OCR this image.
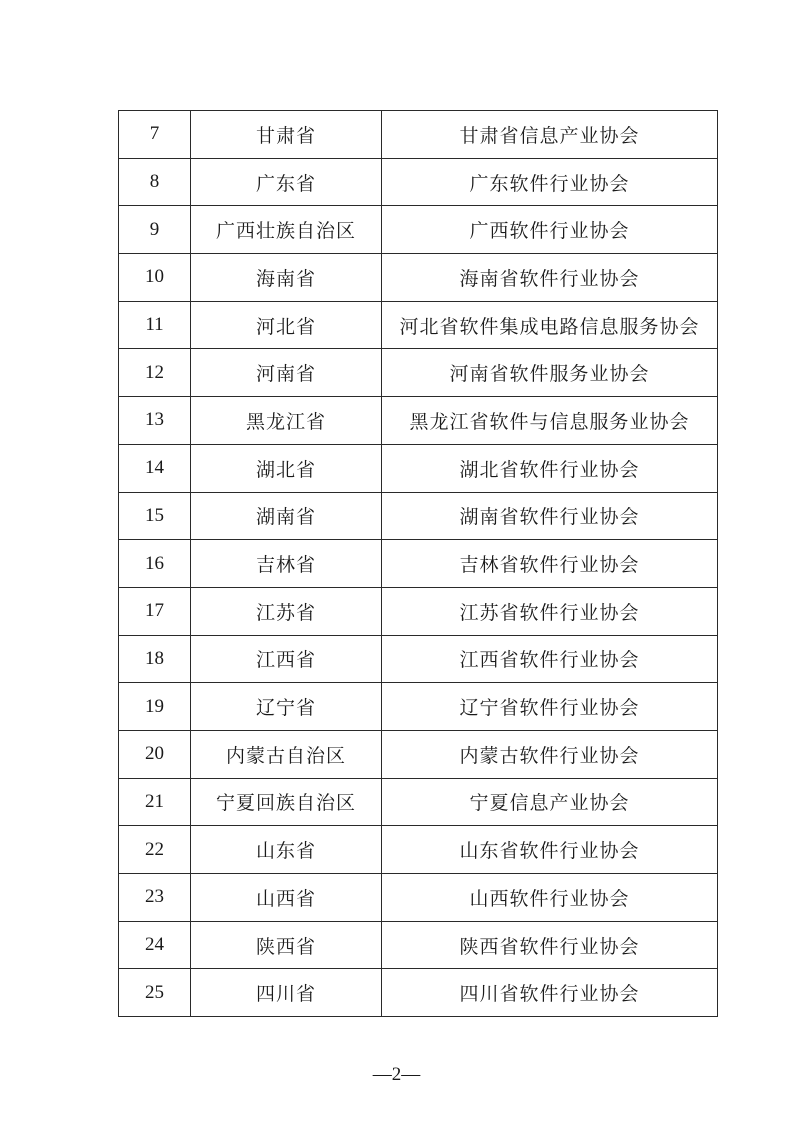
7	甘肃省	甘肃省信息产业协会
8	广东省	广东软件行业协会
9	广西壮族自治区	广西软件行业协会
10	海南省	海南省软件行业协会
11	河北省	河北省软件集成电路信息服务协会
12	河南省	河南省软件服务业协会
13	黑龙江省	黑龙江省软件与信息服务业协会
14	湖北省	湖北省软件行业协会
15	湖南省	湖南省软件行业协会
16	吉林省	吉林省软件行业协会
17	江苏省	江苏省软件行业协会
18	江西省	江西省软件行业协会
19	辽宁省	辽宁省软件行业协会
20	内蒙古自治区	内蒙古软件行业协会
21	宁夏回族自治区	宁夏信息产业协会
22	山东省	山东省软件行业协会
23	山西省	山西软件行业协会
24	陕西省	陕西省软件行业协会
25	四川省	四川省软件行业协会
—2—
